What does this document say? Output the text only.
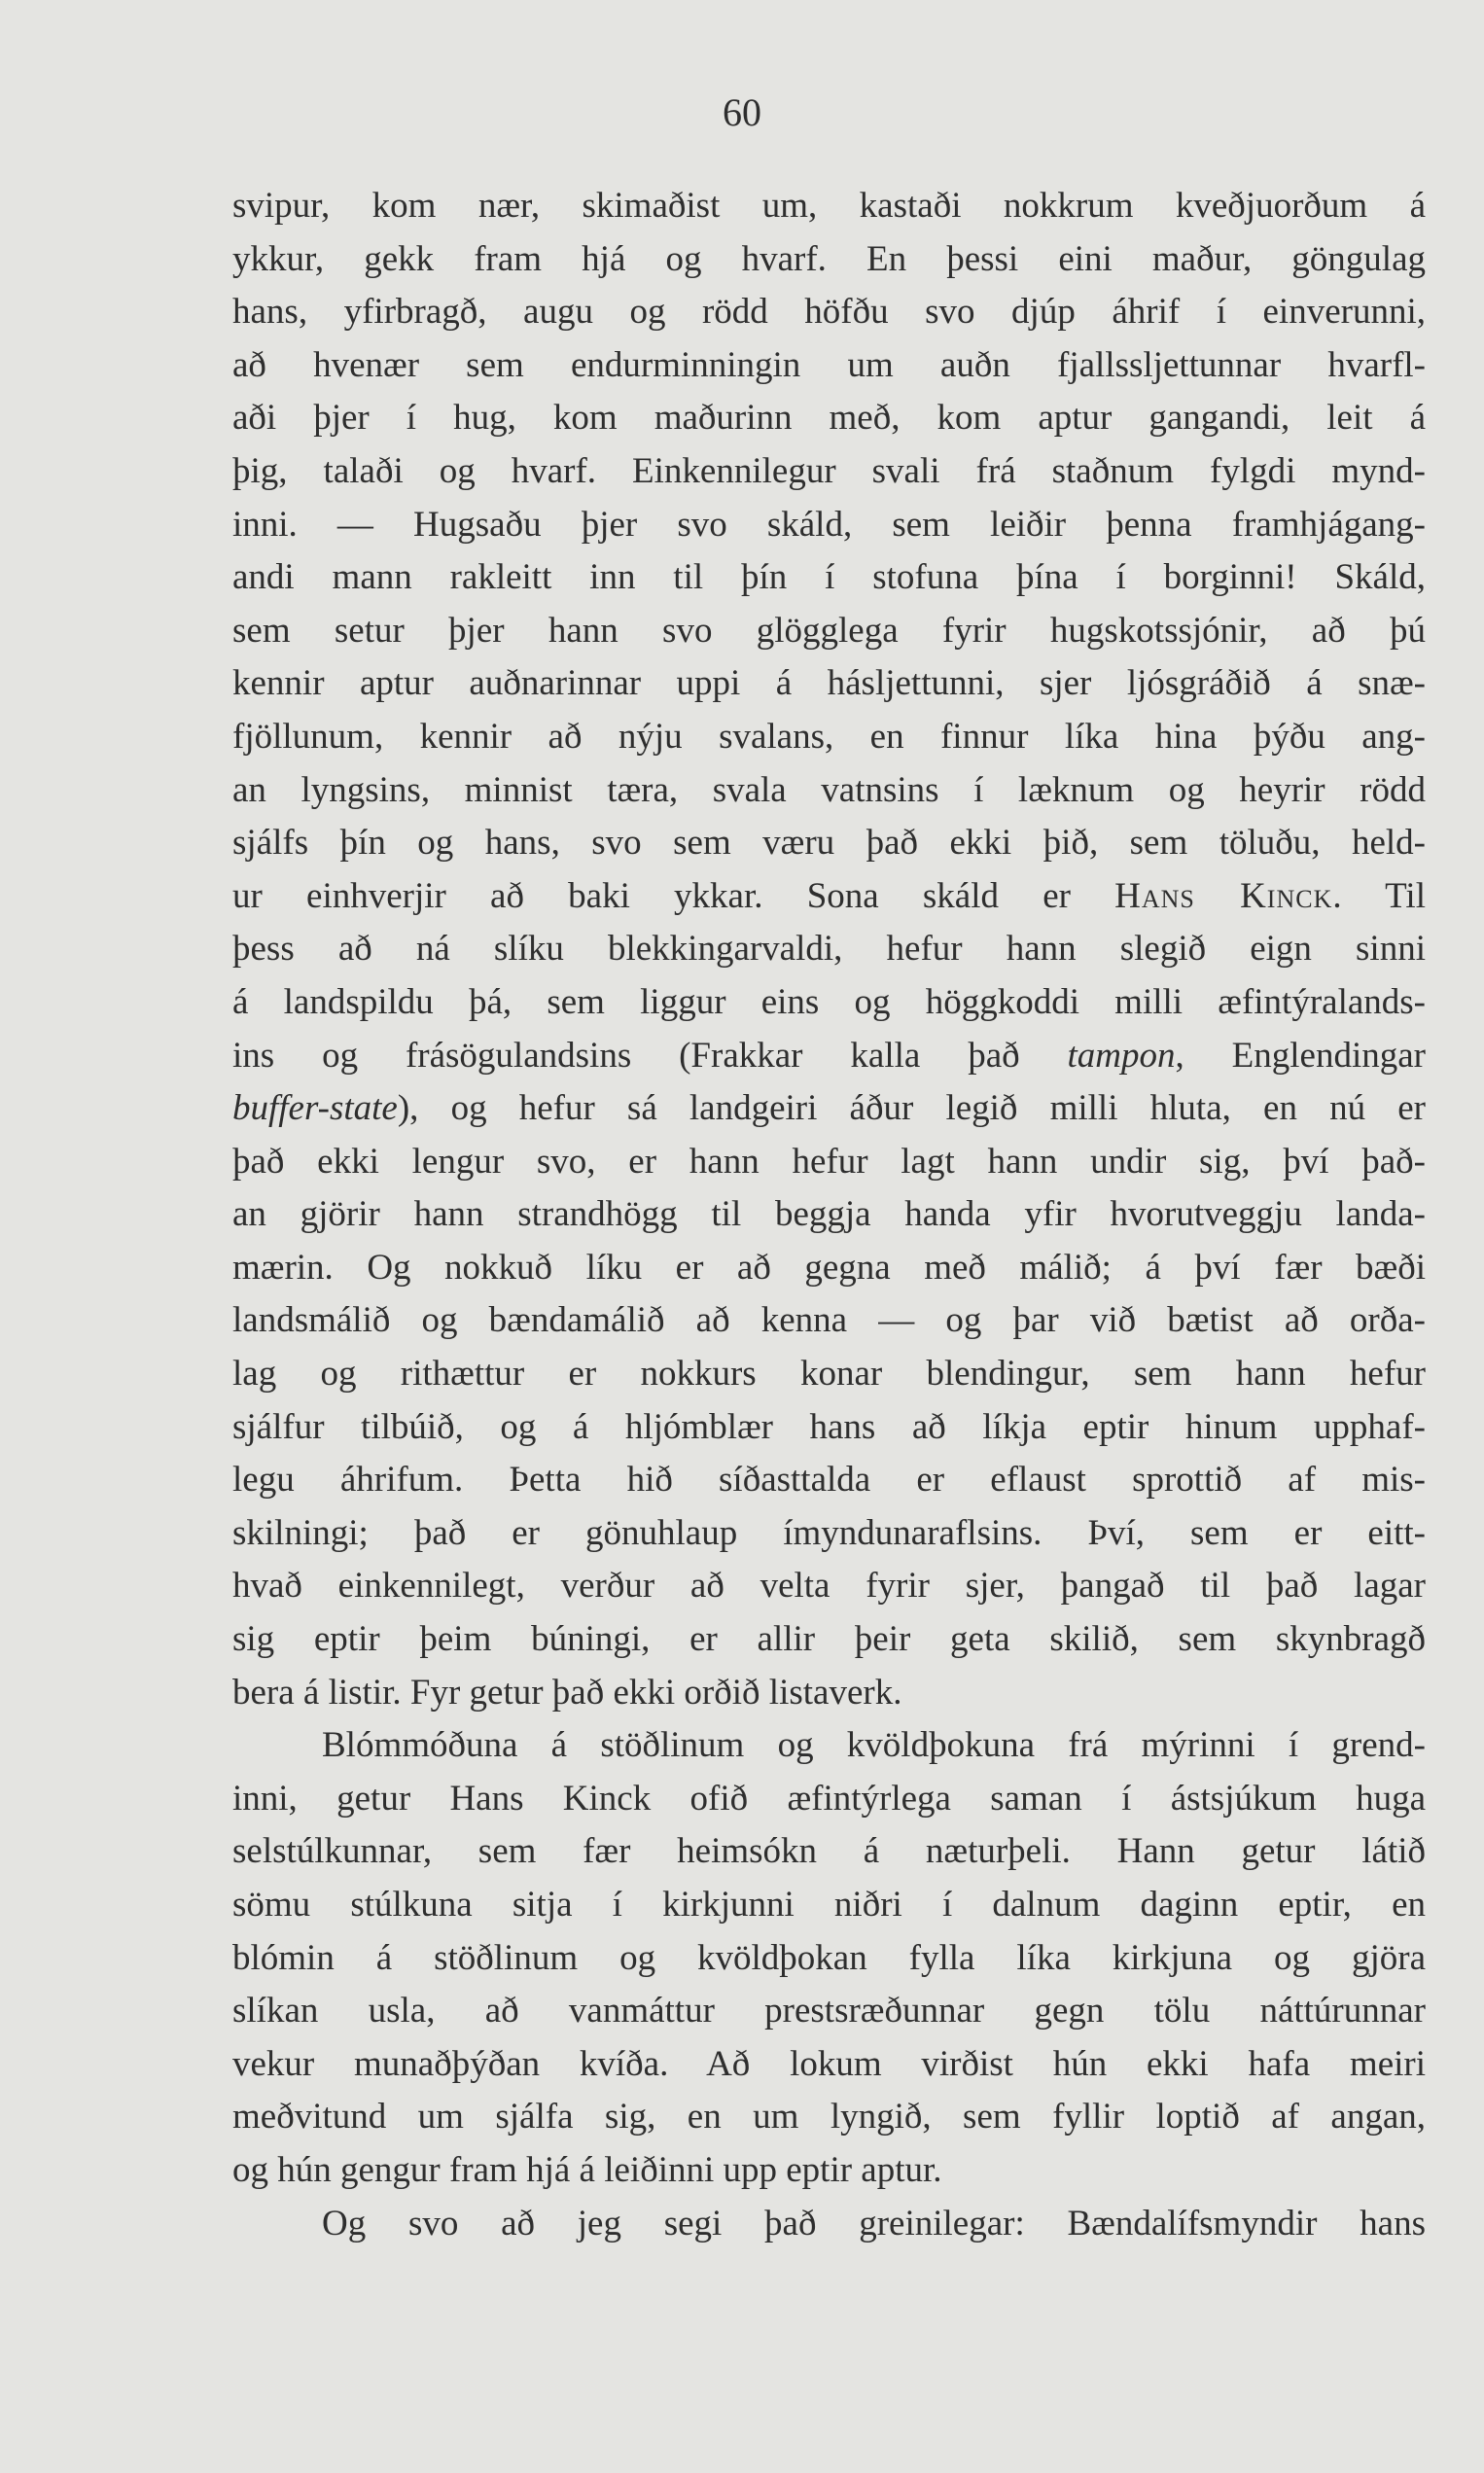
60
svipur, kom nær, skimaðist um, kastaði nokkrum kveðjuorðum á
ykkur, gekk fram hjá og hvarf. En þessi eini maður, göngulag
hans, yfirbragð, augu og rödd höfðu svo djúp áhrif í einverunni,
að hvenær sem endurminningin um auðn fjallssljettunnar hvarfl-
aði þjer í hug, kom maðurinn með, kom aptur gangandi, leit á
þig, talaði og hvarf. Einkennilegur svali frá staðnum fylgdi mynd-
inni. — Hugsaðu þjer svo skáld, sem leiðir þenna framhjágang-
andi mann rakleitt inn til þín í stofuna þína í borginni! Skáld,
sem setur þjer hann svo glögglega fyrir hugskotssjónir, að þú
kennir aptur auðnarinnar uppi á hásljettunni, sjer ljósgráðið á snæ-
fjöllunum, kennir að nýju svalans, en finnur líka hina þýðu ang-
an lyngsins, minnist tæra, svala vatnsins í læknum og heyrir rödd
sjálfs þín og hans, svo sem væru það ekki þið, sem töluðu, held-
ur einhverjir að baki ykkar. Sona skáld er Hans Kinck. Til
þess að ná slíku blekkingarvaldi, hefur hann slegið eign sinni
á landspildu þá, sem liggur eins og höggkoddi milli æfintýralands-
ins og frásögulandsins (Frakkar kalla það tampon, Englendingar
buffer-state), og hefur sá landgeiri áður legið milli hluta, en nú er
það ekki lengur svo, er hann hefur lagt hann undir sig, því það-
an gjörir hann strandhögg til beggja handa yfir hvorutveggju landa-
mærin. Og nokkuð líku er að gegna með málið; á því fær bæði
landsmálið og bændamálið að kenna — og þar við bætist að orða-
lag og rithættur er nokkurs konar blendingur, sem hann hefur
sjálfur tilbúið, og á hljómblær hans að líkja eptir hinum upphaf-
legu áhrifum. Þetta hið síðasttalda er eflaust sprottið af mis-
skilningi; það er gönuhlaup ímyndunaraflsins. Því, sem er eitt-
hvað einkennilegt, verður að velta fyrir sjer, þangað til það lagar
sig eptir þeim búningi, er allir þeir geta skilið, sem skynbragð
bera á listir. Fyr getur það ekki orðið listaverk.
Blómmóðuna á stöðlinum og kvöldþokuna frá mýrinni í grend-
inni, getur Hans Kinck ofið æfintýrlega saman í ástsjúkum huga
selstúlkunnar, sem fær heimsókn á næturþeli. Hann getur látið
sömu stúlkuna sitja í kirkjunni niðri í dalnum daginn eptir, en
blómin á stöðlinum og kvöldþokan fylla líka kirkjuna og gjöra
slíkan usla, að vanmáttur prestsræðunnar gegn tölu náttúrunnar
vekur munaðþýðan kvíða. Að lokum virðist hún ekki hafa meiri
meðvitund um sjálfa sig, en um lyngið, sem fyllir loptið af angan,
og hún gengur fram hjá á leiðinni upp eptir aptur.
Og svo að jeg segi það greinilegar: Bændalífsmyndir hans
